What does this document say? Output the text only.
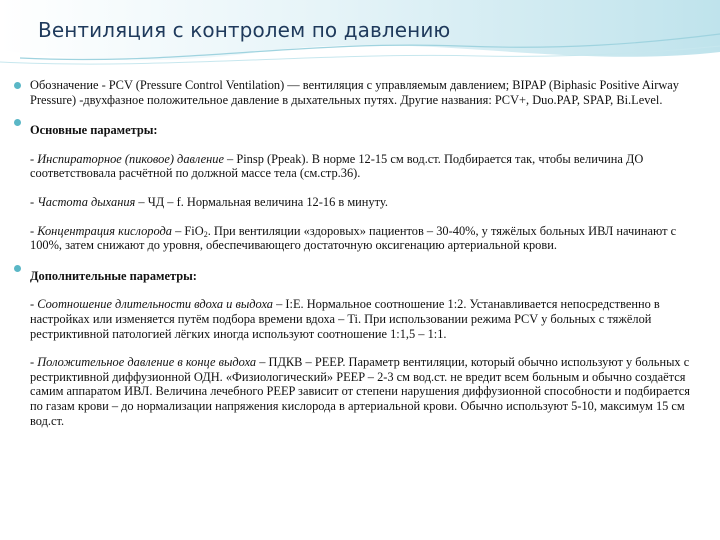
Вентиляция с контролем по давлению

Обозначение - PCV (Pressure Control Ventilation) — вентиляция с управляемым давлением; BIPAP (Biphasic Positive Airway Pressure) -двухфазное положительное давление в дыхательных путях. Другие названия: PCV+, Duo.PAP, SPAP, Bi.Level.

Основные параметры:

- Инспираторное (пиковое) давление – Pinsp (Ppeak). В норме 12-15 см вод.ст. Подбирается так, чтобы величина ДО соответствовала расчётной по должной массе тела (см.стр.36).

- Частота дыхания – ЧД – f. Нормальная величина 12-16 в минуту.

- Концентрация кислорода – FiO$_2$. При вентиляции «здоровых» пациентов – 30-40%, у тяжёлых больных ИВЛ начинают с 100%, затем снижают до уровня, обеспечивающего достаточную оксигенацию артериальной крови.

Дополнительные параметры:

- Соотношение длительности вдоха и выдоха – I:E. Нормальное соотношение 1:2. Устанавливается непосредственно в настройках или изменяется путём подбора времени вдоха – Ti. При использовании режима PCV у больных с тяжёлой рестриктивной патологией лёгких иногда используют соотношение 1:1,5 – 1:1.

- Положительное давление в конце выдоха – ПДКВ – PEEP. Параметр вентиляции, который обычно используют у больных с рестриктивной диффузионной ОДН. «Физиологический» PEEP – 2-3 см вод.ст. не вредит всем больным и обычно создаётся самим аппаратом ИВЛ. Величина лечебного PEEP зависит от степени нарушения диффузионной способности и подбирается по газам крови – до нормализации напряжения кислорода в артериальной крови. Обычно используют 5-10, максимум 15 см вод.ст.
